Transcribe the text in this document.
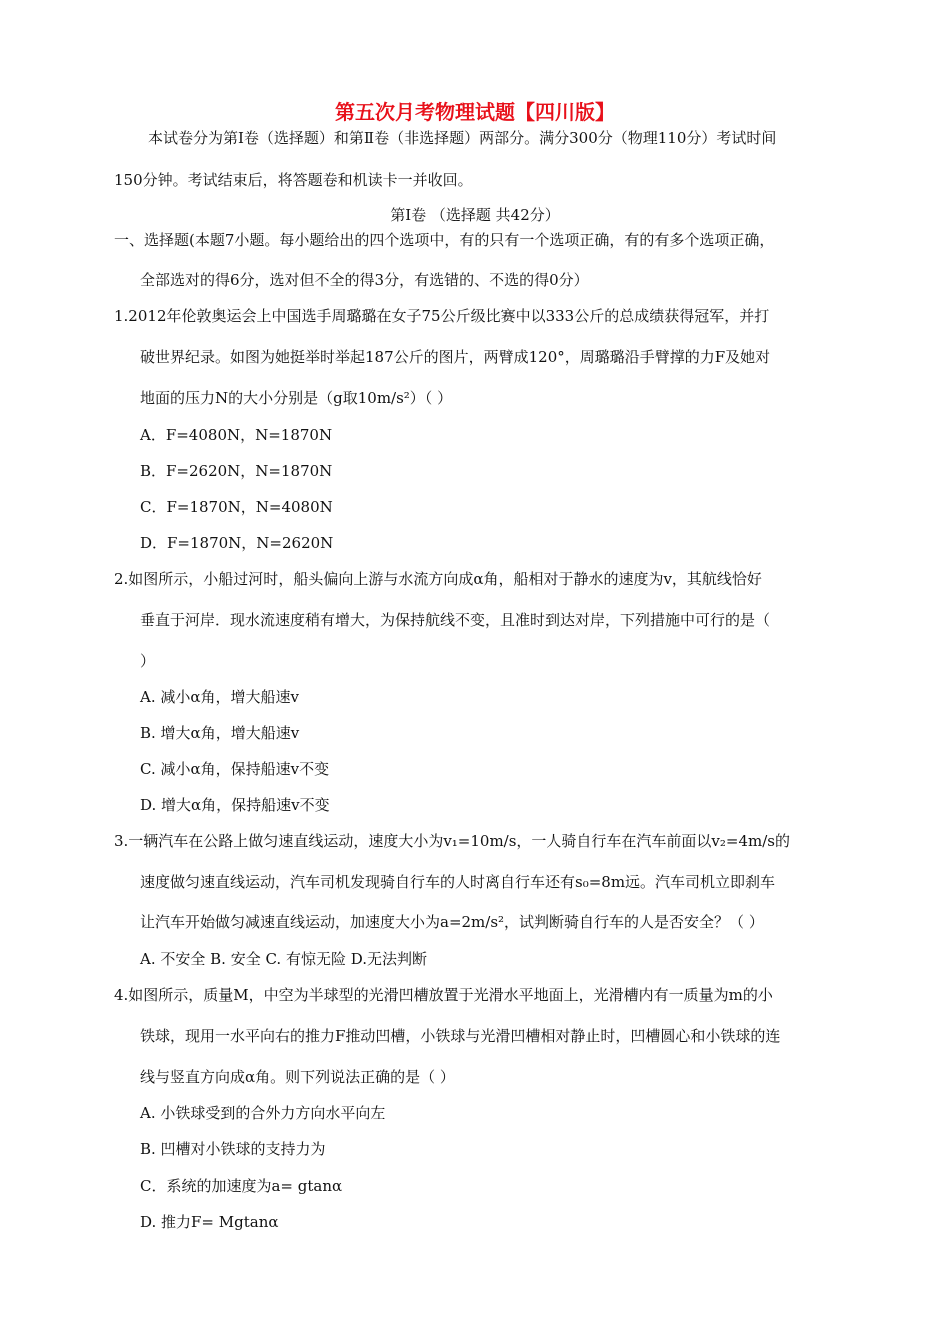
第五次月考物理试题【四川版】
本试卷分为第Ⅰ卷（选择题）和第Ⅱ卷（非选择题）两部分。满分300分（物理110分）考试时间
150分钟。考试结束后，将答题卷和机读卡一并收回。
第Ⅰ卷 （选择题 共42分）
一、选择题(本题7小题。每小题给出的四个选项中，有的只有一个选项正确，有的有多个选项正确，
全部选对的得6分，选对但不全的得3分，有选错的、不选的得0分）
1.2012年伦敦奥运会上中国选手周璐璐在女子75公斤级比赛中以333公斤的总成绩获得冠军，并打
破世界纪录。如图为她挺举时举起187公斤的图片，两臂成120°，周璐璐沿手臂撑的力F及她对
地面的压力N的大小分别是（g取10m/s²）（ ）
A．F=4080N，N=1870N
B．F=2620N，N=1870N
C．F=1870N，N=4080N
D．F=1870N，N=2620N
2.如图所示，小船过河时，船头偏向上游与水流方向成α角，船相对于静水的速度为v，其航线恰好
垂直于河岸．现水流速度稍有增大，为保持航线不变，且准时到达对岸，下列措施中可行的是（
）
A. 减小α角，增大船速v
B. 增大α角，增大船速v
C. 减小α角，保持船速v不变
D. 增大α角，保持船速v不变
3.一辆汽车在公路上做匀速直线运动，速度大小为v₁=10m/s，一人骑自行车在汽车前面以v₂=4m/s的
速度做匀速直线运动，汽车司机发现骑自行车的人时离自行车还有s₀=8m远。汽车司机立即刹车
让汽车开始做匀减速直线运动，加速度大小为a=2m/s²，试判断骑自行车的人是否安全？（ ）
A. 不安全 B. 安全 C. 有惊无险 D.无法判断
4.如图所示，质量M，中空为半球型的光滑凹槽放置于光滑水平地面上，光滑槽内有一质量为m的小
铁球，现用一水平向右的推力F推动凹槽，小铁球与光滑凹槽相对静止时，凹槽圆心和小铁球的连
线与竖直方向成α角。则下列说法正确的是（ ）
A. 小铁球受到的合外力方向水平向左
B. 凹槽对小铁球的支持力为
C．系统的加速度为a= gtanα
D. 推力F= Mgtanα
